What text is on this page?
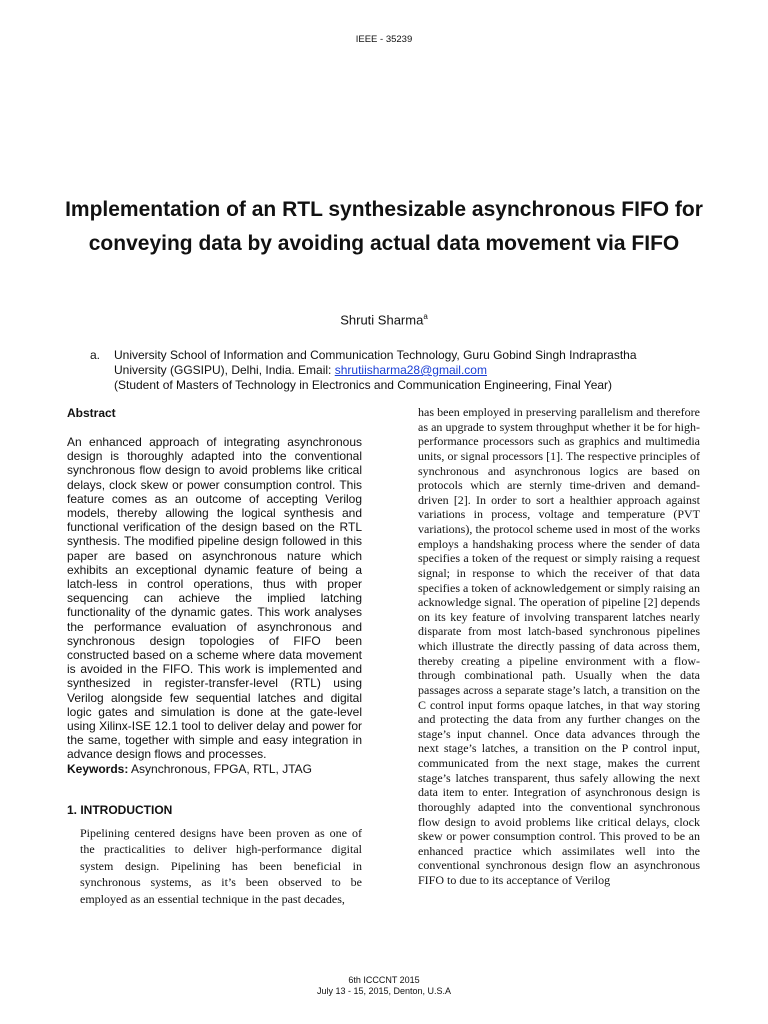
IEEE - 35239
Implementation of an RTL synthesizable asynchronous FIFO for conveying data by avoiding actual data movement via FIFO
Shruti Sharma$^a$
a. University School of Information and Communication Technology, Guru Gobind Singh Indraprastha University (GGSIPU), Delhi, India. Email: shrutiisharma28@gmail.com
(Student of Masters of Technology in Electronics and Communication Engineering, Final Year)
Abstract

An enhanced approach of integrating asynchronous design is thoroughly adapted into the conventional synchronous flow design to avoid problems like critical delays, clock skew or power consumption control. This feature comes as an outcome of accepting Verilog models, thereby allowing the logical synthesis and functional verification of the design based on the RTL synthesis. The modified pipeline design followed in this paper are based on asynchronous nature which exhibits an exceptional dynamic feature of being a latch-less in control operations, thus with proper sequencing can achieve the implied latching functionality of the dynamic gates. This work analyses the performance evaluation of asynchronous and synchronous design topologies of FIFO been constructed based on a scheme where data movement is avoided in the FIFO. This work is implemented and synthesized in register-transfer-level (RTL) using Verilog alongside few sequential latches and digital logic gates and simulation is done at the gate-level using Xilinx-ISE 12.1 tool to deliver delay and power for the same, together with simple and easy integration in advance design flows and processes.

Keywords: Asynchronous, FPGA, RTL, JTAG

1. INTRODUCTION

Pipelining centered designs have been proven as one of the practicalities to deliver high-performance digital system design. Pipelining has been beneficial in synchronous systems, as it’s been observed to be employed as an essential technique in the past decades,

has been employed in preserving parallelism and therefore as an upgrade to system throughput whether it be for high-performance processors such as graphics and multimedia units, or signal processors [1]. The respective principles of synchronous and asynchronous logics are based on protocols which are sternly time-driven and demand-driven [2]. In order to sort a healthier approach against variations in process, voltage and temperature (PVT variations), the protocol scheme used in most of the works employs a handshaking process where the sender of data specifies a token of the request or simply raising a request signal; in response to which the receiver of that data specifies a token of acknowledgement or simply raising an acknowledge signal. The operation of pipeline [2] depends on its key feature of involving transparent latches nearly disparate from most latch-based synchronous pipelines which illustrate the directly passing of data across them, thereby creating a pipeline environment with a flow-through combinational path. Usually when the data passages across a separate stage’s latch, a transition on the C control input forms opaque latches, in that way storing and protecting the data from any further changes on the stage’s input channel. Once data advances through the next stage’s latches, a transition on the P control input, communicated from the next stage, makes the current stage’s latches transparent, thus safely allowing the next data item to enter. Integration of asynchronous design is thoroughly adapted into the conventional synchronous flow design to avoid problems like critical delays, clock skew or power consumption control. This proved to be an enhanced practice which assimilates well into the conventional synchronous design flow an asynchronous FIFO to due to its acceptance of Verilog

6th ICCCNT 2015
July 13 - 15, 2015, Denton, U.S.A
